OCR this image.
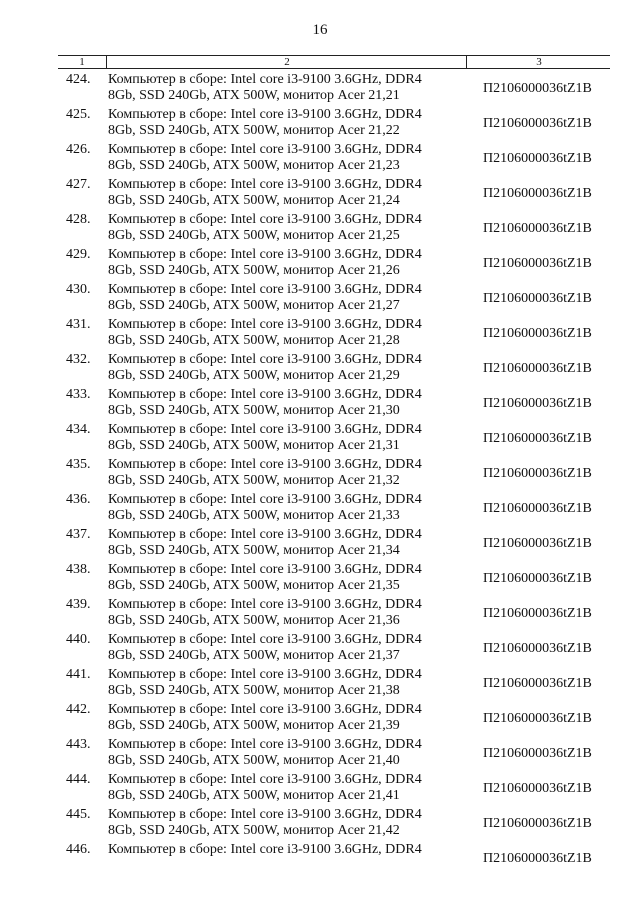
16
1	2	3
424. Компьютер в сборе: Intel core i3-9100 3.6GHz, DDR4
8Gb, SSD 240Gb, ATX 500W, монитор Acer 21,21	П2106000036tZ1B
425. Компьютер в сборе: Intel core i3-9100 3.6GHz, DDR4
8Gb, SSD 240Gb, ATX 500W, монитор Acer 21,22	П2106000036tZ1B
426. Компьютер в сборе: Intel core i3-9100 3.6GHz, DDR4
8Gb, SSD 240Gb, ATX 500W, монитор Acer 21,23	П2106000036tZ1B
427. Компьютер в сборе: Intel core i3-9100 3.6GHz, DDR4
8Gb, SSD 240Gb, ATX 500W, монитор Acer 21,24	П2106000036tZ1B
428. Компьютер в сборе: Intel core i3-9100 3.6GHz, DDR4
8Gb, SSD 240Gb, ATX 500W, монитор Acer 21,25	П2106000036tZ1B
429. Компьютер в сборе: Intel core i3-9100 3.6GHz, DDR4
8Gb, SSD 240Gb, ATX 500W, монитор Acer 21,26	П2106000036tZ1B
430. Компьютер в сборе: Intel core i3-9100 3.6GHz, DDR4
8Gb, SSD 240Gb, ATX 500W, монитор Acer 21,27	П2106000036tZ1B
431. Компьютер в сборе: Intel core i3-9100 3.6GHz, DDR4
8Gb, SSD 240Gb, ATX 500W, монитор Acer 21,28	П2106000036tZ1B
432. Компьютер в сборе: Intel core i3-9100 3.6GHz, DDR4
8Gb, SSD 240Gb, ATX 500W, монитор Acer 21,29	П2106000036tZ1B
433. Компьютер в сборе: Intel core i3-9100 3.6GHz, DDR4
8Gb, SSD 240Gb, ATX 500W, монитор Acer 21,30	П2106000036tZ1B
434. Компьютер в сборе: Intel core i3-9100 3.6GHz, DDR4
8Gb, SSD 240Gb, ATX 500W, монитор Acer 21,31	П2106000036tZ1B
435. Компьютер в сборе: Intel core i3-9100 3.6GHz, DDR4
8Gb, SSD 240Gb, ATX 500W, монитор Acer 21,32	П2106000036tZ1B
436. Компьютер в сборе: Intel core i3-9100 3.6GHz, DDR4
8Gb, SSD 240Gb, ATX 500W, монитор Acer 21,33	П2106000036tZ1B
437. Компьютер в сборе: Intel core i3-9100 3.6GHz, DDR4
8Gb, SSD 240Gb, ATX 500W, монитор Acer 21,34	П2106000036tZ1B
438. Компьютер в сборе: Intel core i3-9100 3.6GHz, DDR4
8Gb, SSD 240Gb, ATX 500W, монитор Acer 21,35	П2106000036tZ1B
439. Компьютер в сборе: Intel core i3-9100 3.6GHz, DDR4
8Gb, SSD 240Gb, ATX 500W, монитор Acer 21,36	П2106000036tZ1B
440. Компьютер в сборе: Intel core i3-9100 3.6GHz, DDR4
8Gb, SSD 240Gb, ATX 500W, монитор Acer 21,37	П2106000036tZ1B
441. Компьютер в сборе: Intel core i3-9100 3.6GHz, DDR4
8Gb, SSD 240Gb, ATX 500W, монитор Acer 21,38	П2106000036tZ1B
442. Компьютер в сборе: Intel core i3-9100 3.6GHz, DDR4
8Gb, SSD 240Gb, ATX 500W, монитор Acer 21,39	П2106000036tZ1B
443. Компьютер в сборе: Intel core i3-9100 3.6GHz, DDR4
8Gb, SSD 240Gb, ATX 500W, монитор Acer 21,40	П2106000036tZ1B
444. Компьютер в сборе: Intel core i3-9100 3.6GHz, DDR4
8Gb, SSD 240Gb, ATX 500W, монитор Acer 21,41	П2106000036tZ1B
445. Компьютер в сборе: Intel core i3-9100 3.6GHz, DDR4
8Gb, SSD 240Gb, ATX 500W, монитор Acer 21,42	П2106000036tZ1B
446. Компьютер в сборе: Intel core i3-9100 3.6GHz, DDR4
П2106000036tZ1B
